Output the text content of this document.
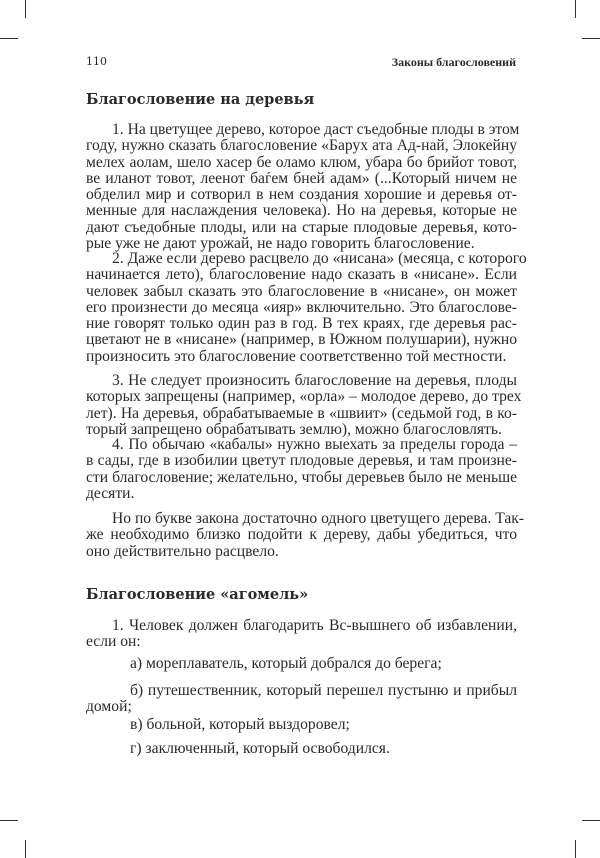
110	Законы благословений
Благословение на деревья
1. На цветущее дерево, которое даст съедобные плоды в этом
году, нужно сказать благословение «Барух ата Ад-най, Элокейну
мелех аолам, шело хасер бе оламо клюм, убара бо брийот товот,
ве иланот товот, леенот баѓем бней адам» (...Который ничем не
обделил мир и сотворил в нем создания хорошие и деревья от-
менные для наслаждения человека). Но на деревья, которые не
дают съедобные плоды, или на старые плодовые деревья, кото-
рые уже не дают урожай, не надо говорить благословение.
2. Даже если дерево расцвело до «нисана» (месяца, с которого
начинается лето), благословение надо сказать в «нисане». Если
человек забыл сказать это благословение в «нисане», он может
его произнести до месяца «ияр» включительно. Это благослове-
ние говорят только один раз в год. В тех краях, где деревья рас-
цветают не в «нисане» (например, в Южном полушарии), нужно
произносить это благословение соответственно той местности.
3. Не следует произносить благословение на деревья, плоды
которых запрещены (например, «орла» – молодое дерево, до трех
лет). На деревья, обрабатываемые в «швиит» (седьмой год, в ко-
торый запрещено обрабатывать землю), можно благословлять.
4. По обычаю «кабалы» нужно выехать за пределы города –
в сады, где в изобилии цветут плодовые деревья, и там произне-
сти благословение; желательно, чтобы деревьев было не меньше
десяти.
Но по букве закона достаточно одного цветущего дерева. Так-
же необходимо близко подойти к дереву, дабы убедиться, что
оно действительно расцвело.
Благословение «агомель»
1. Человек должен благодарить Вс-вышнего об избавлении,
если он:
а) мореплаватель, который добрался до берега;
б) путешественник, который перешел пустыню и прибыл
домой;
в) больной, который выздоровел;
г) заключенный, который освободился.
